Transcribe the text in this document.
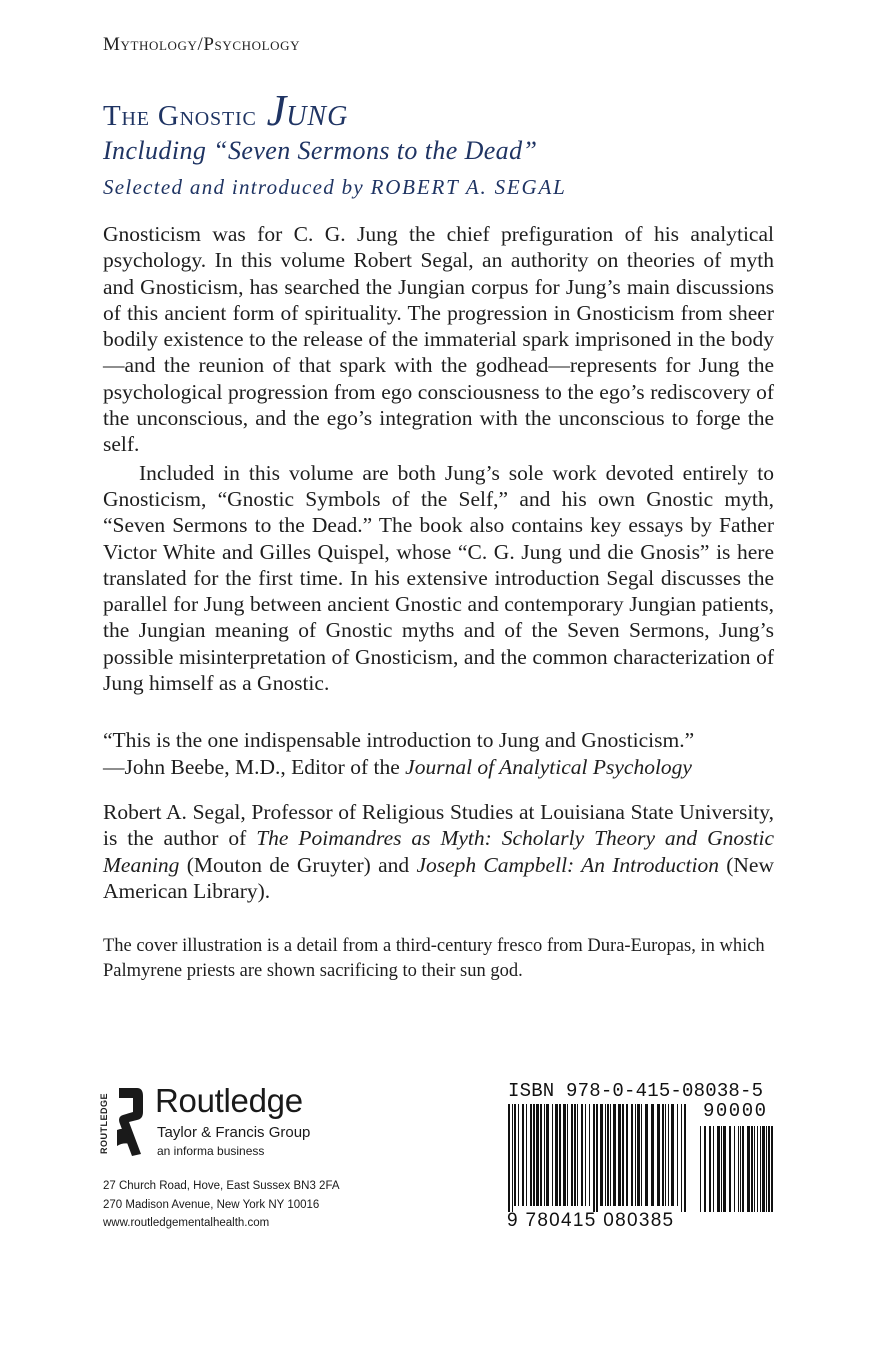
Mythology/Psychology
The Gnostic JUNG
Including “Seven Sermons to the Dead”
Selected and introduced by ROBERT A. SEGAL

Gnosticism was for C. G. Jung the chief prefiguration of his analytical psychology. In this volume Robert Segal, an authority on theories of myth and Gnosticism, has searched the Jungian corpus for Jung’s main discussions of this ancient form of spirituality. The progression in Gnosticism from sheer bodily existence to the release of the immaterial spark imprisoned in the body—and the reunion of that spark with the godhead—represents for Jung the psychological progression from ego consciousness to the ego’s rediscovery of the unconscious, and the ego’s integration with the unconscious to forge the self.

Included in this volume are both Jung’s sole work devoted entirely to Gnosticism, “Gnostic Symbols of the Self,” and his own Gnostic myth, “Seven Sermons to the Dead.” The book also contains key essays by Father Victor White and Gilles Quispel, whose “C. G. Jung und die Gnosis” is here translated for the first time. In his extensive introduction Segal discusses the parallel for Jung between ancient Gnostic and contemporary Jungian patients, the Jungian meaning of Gnostic myths and of the Seven Sermons, Jung’s possible misinterpretation of Gnosticism, and the common characterization of Jung himself as a Gnostic.

“This is the one indispensable introduction to Jung and Gnosticism.”
—John Beebe, M.D., Editor of the Journal of Analytical Psychology

Robert A. Segal, Professor of Religious Studies at Louisiana State University, is the author of The Poimandres as Myth: Scholarly Theory and Gnostic Meaning (Mouton de Gruyter) and Joseph Campbell: An Introduction (New American Library).

The cover illustration is a detail from a third-century fresco from Dura-Europas, in which Palmyrene priests are shown sacrificing to their sun god.
ROUTLEDGE Routledge
Taylor & Francis Group
an informa business
27 Church Road, Hove, East Sussex BN3 2FA
270 Madison Avenue, New York NY 10016
www.routledgementalhealth.com
ISBN 978-0-415-08038-5
90000
9 780415 080385
